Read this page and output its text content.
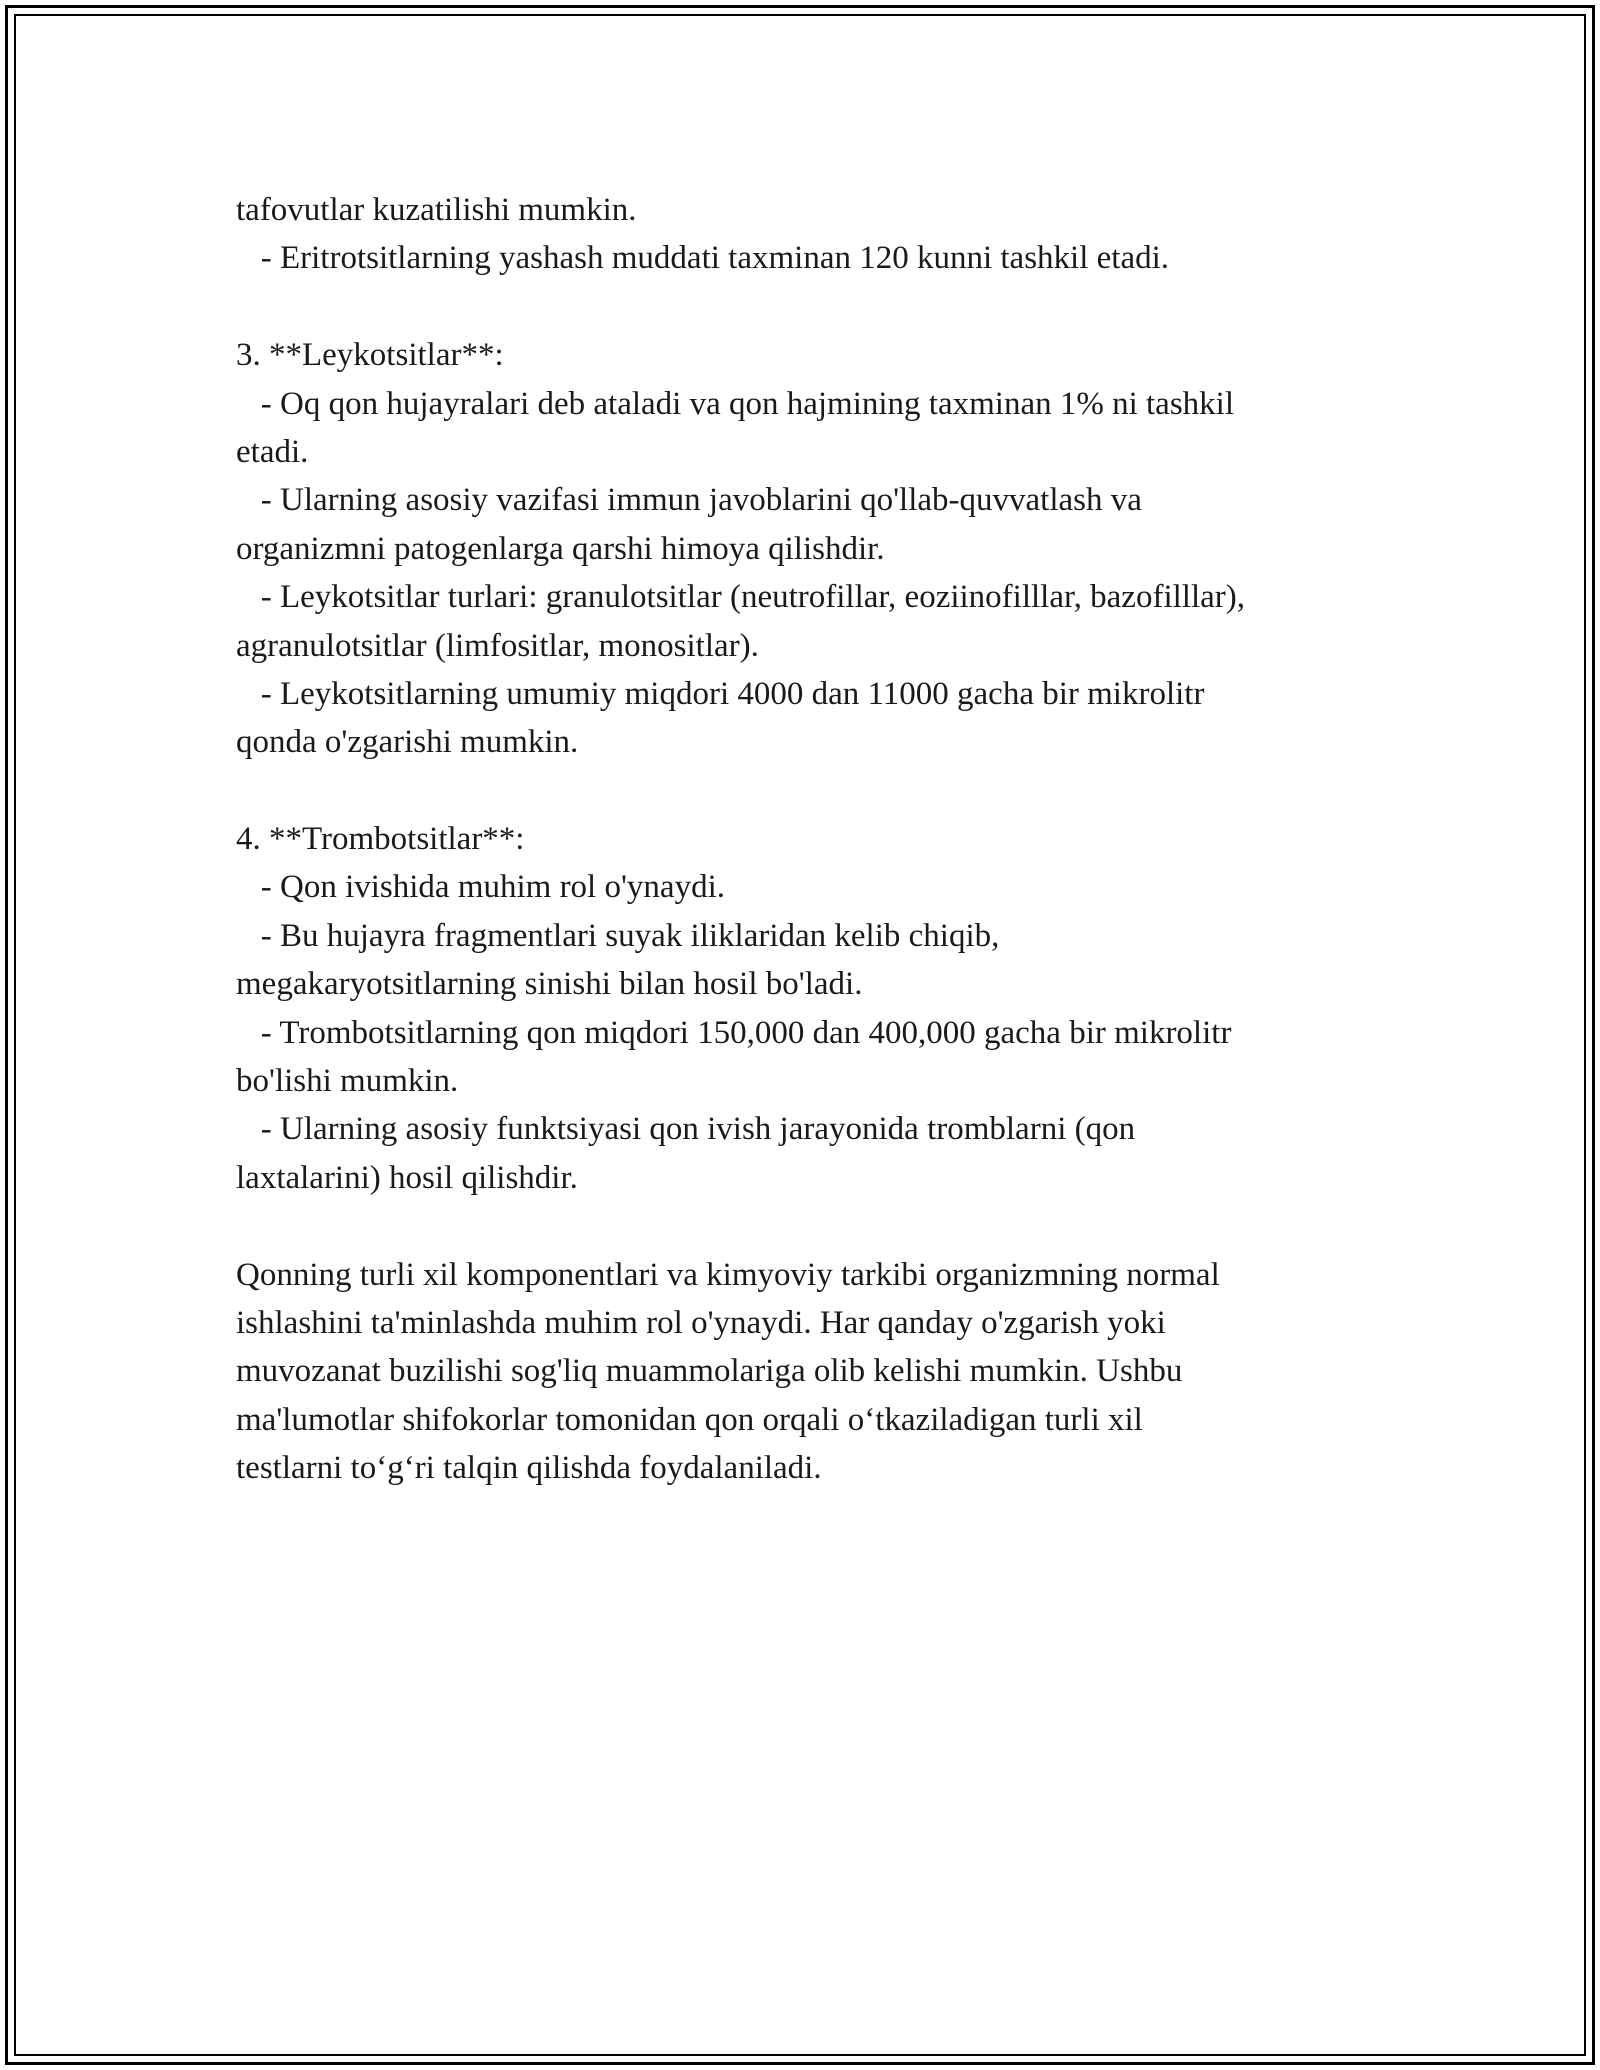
tafovutlar kuzatilishi mumkin.
- Eritrotsitlarning yashash muddati taxminan 120 kunni tashkil etadi.
3. **Leykotsitlar**:
- Oq qon hujayralari deb ataladi va qon hajmining taxminan 1% ni tashkil
etadi.
- Ularning asosiy vazifasi immun javoblarini qo'llab-quvvatlash va
organizmni patogenlarga qarshi himoya qilishdir.
- Leykotsitlar turlari: granulotsitlar (neutrofillar, eoziinofilllar, bazofilllar),
agranulotsitlar (limfositlar, monositlar).
- Leykotsitlarning umumiy miqdori 4000 dan 11000 gacha bir mikrolitr
qonda o'zgarishi mumkin.
4. **Trombotsitlar**:
- Qon ivishida muhim rol o'ynaydi.
- Bu hujayra fragmentlari suyak iliklaridan kelib chiqib,
megakaryotsitlarning sinishi bilan hosil bo'ladi.
- Trombotsitlarning qon miqdori 150,000 dan 400,000 gacha bir mikrolitr
bo'lishi mumkin.
- Ularning asosiy funktsiyasi qon ivish jarayonida tromblarni (qon
laxtalarini) hosil qilishdir.
Qonning turli xil komponentlari va kimyoviy tarkibi organizmning normal
ishlashini ta'minlashda muhim rol o'ynaydi. Har qanday o'zgarish yoki
muvozanat buzilishi sog'liq muammolariga olib kelishi mumkin. Ushbu
ma'lumotlar shifokorlar tomonidan qon orqali o‘tkaziladigan turli xil
testlarni to‘g‘ri talqin qilishda foydalaniladi.
